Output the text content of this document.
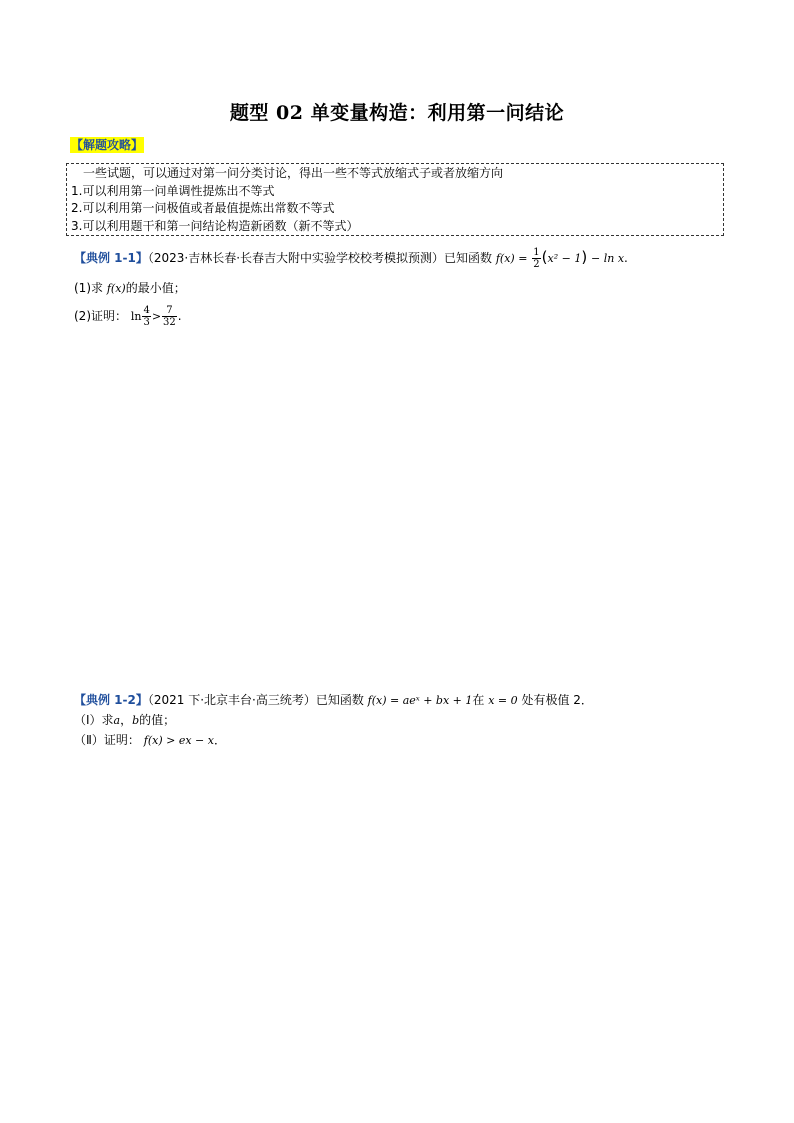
题型 02 单变量构造：利用第一问结论
【解题攻略】
一些试题，可以通过对第一问分类讨论，得出一些不等式放缩式子或者放缩方向
1.可以利用第一问单调性提炼出不等式
2.可以利用第一问极值或者最值提炼出常数不等式
3.可以利用题干和第一问结论构造新函数（新不等式）
【典例 1-1】（2023·吉林长春·长春吉大附中实验学校校考模拟预测）已知函数 $f(x) = \frac{1}{2} (x^2 - 1) - \ln x$.
(1)求 f(x)的最小值；
(2)证明： $\ln \frac{4}{3} > \frac{7}{32}$ .
【典例 1-2】（2021 下·北京丰台·高三统考）已知函数 f(x) = aeˣ + bx + 1在 x = 0 处有极值 2．
（Ⅰ）求a，b的值；
（Ⅱ）证明： f(x) > ex − x．
